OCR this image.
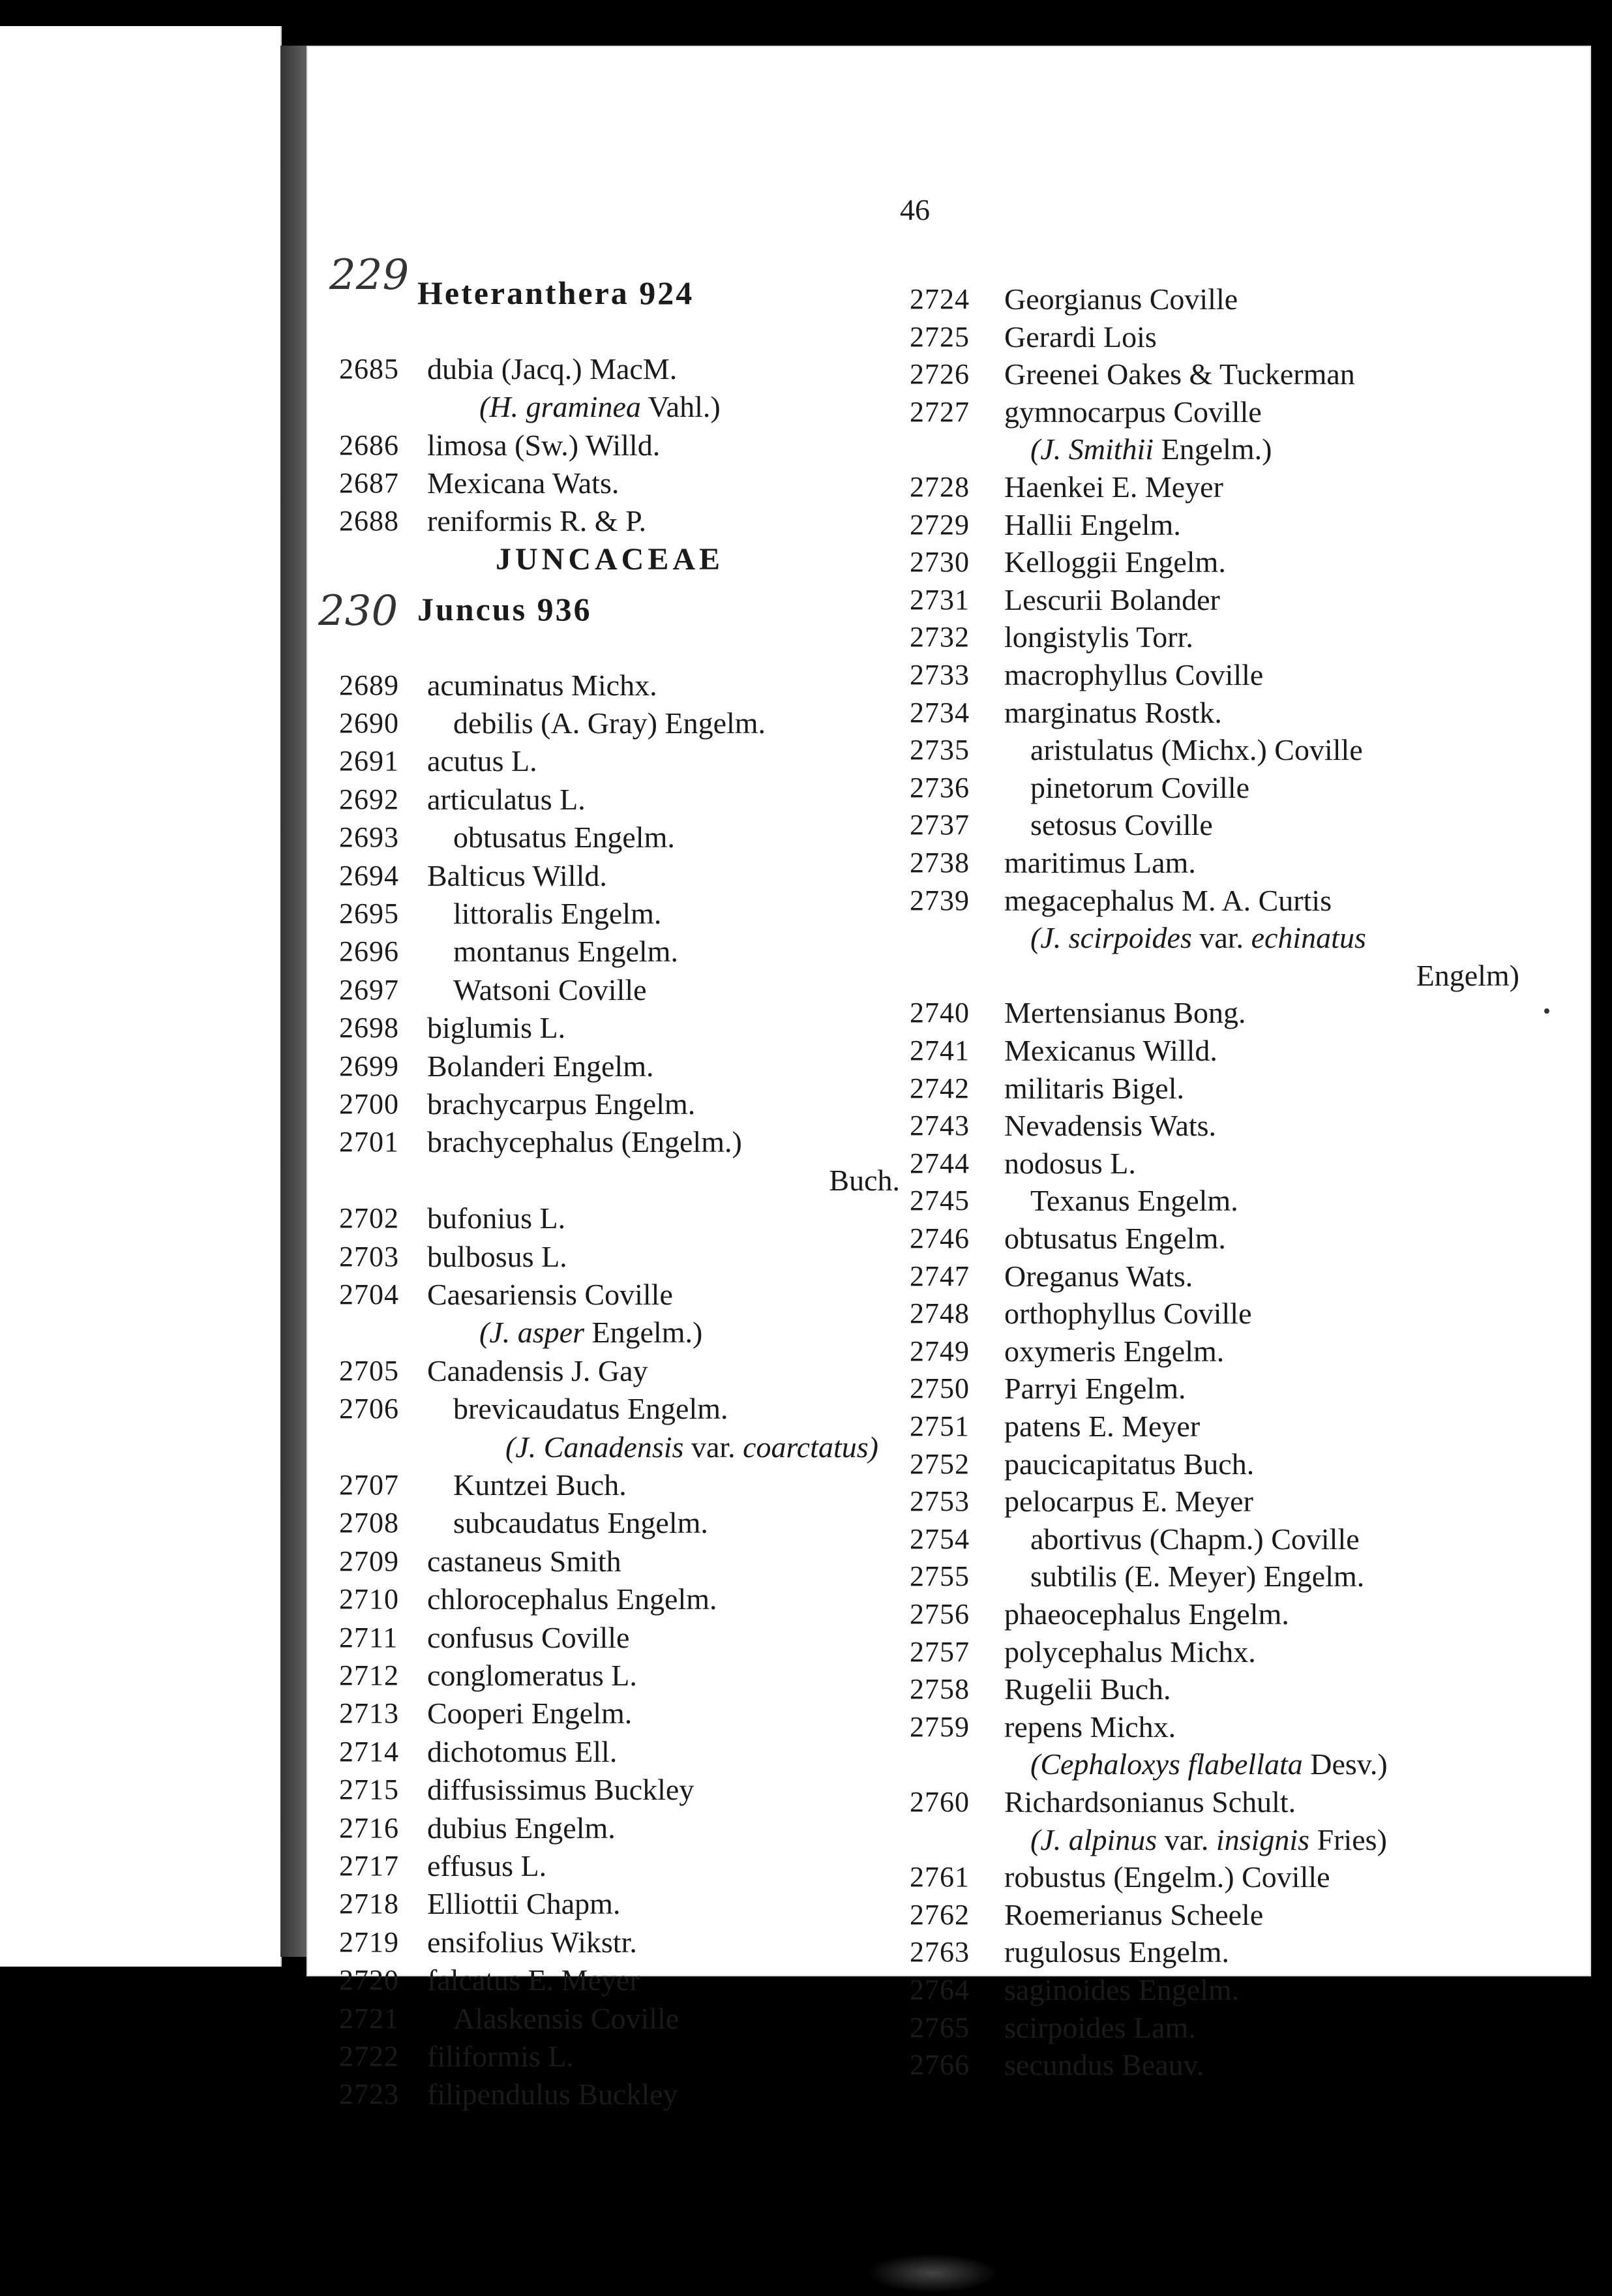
46
229
230
Heteranthera 924
2685 dubia (Jacq.) MacM.
(H. graminea Vahl.)
2686 limosa (Sw.) Willd.
2687 Mexicana Wats.
2688 reniformis R. & P.
JUNCACEAE
Juncus 936
2689 acuminatus Michx.
2690 debilis (A. Gray) Engelm.
2691 acutus L.
2692 articulatus L.
2693 obtusatus Engelm.
2694 Balticus Willd.
2695 littoralis Engelm.
2696 montanus Engelm.
2697 Watsoni Coville
2698 biglumis L.
2699 Bolanderi Engelm.
2700 brachycarpus Engelm.
2701 brachycephalus (Engelm.)
Buch.
2702 bufonius L.
2703 bulbosus L.
2704 Caesariensis Coville
(J. asper Engelm.)
2705 Canadensis J. Gay
2706 brevicaudatus Engelm.
(J. Canadensis var. coarctatus)
2707 Kuntzei Buch.
2708 subcaudatus Engelm.
2709 castaneus Smith
2710 chlorocephalus Engelm.
2711 confusus Coville
2712 conglomeratus L.
2713 Cooperi Engelm.
2714 dichotomus Ell.
2715 diffusissimus Buckley
2716 dubius Engelm.
2717 effusus L.
2718 Elliottii Chapm.
2719 ensifolius Wikstr.
2720 falcatus E. Meyer
2721 Alaskensis Coville
2722 filiformis L.
2723 filipendulus Buckley
2724 Georgianus Coville
2725 Gerardi Lois
2726 Greenei Oakes & Tuckerman
2727 gymnocarpus Coville
(J. Smithii Engelm.)
2728 Haenkei E. Meyer
2729 Hallii Engelm.
2730 Kelloggii Engelm.
2731 Lescurii Bolander
2732 longistylis Torr.
2733 macrophyllus Coville
2734 marginatus Rostk.
2735 aristulatus (Michx.) Coville
2736 pinetorum Coville
2737 setosus Coville
2738 maritimus Lam.
2739 megacephalus M. A. Curtis
(J. scirpoides var. echinatus
Engelm)
2740 Mertensianus Bong.
2741 Mexicanus Willd.
2742 militaris Bigel.
2743 Nevadensis Wats.
2744 nodosus L.
2745 Texanus Engelm.
2746 obtusatus Engelm.
2747 Oreganus Wats.
2748 orthophyllus Coville
2749 oxymeris Engelm.
2750 Parryi Engelm.
2751 patens E. Meyer
2752 paucicapitatus Buch.
2753 pelocarpus E. Meyer
2754 abortivus (Chapm.) Coville
2755 subtilis (E. Meyer) Engelm.
2756 phaeocephalus Engelm.
2757 polycephalus Michx.
2758 Rugelii Buch.
2759 repens Michx.
(Cephaloxys flabellata Desv.)
2760 Richardsonianus Schult.
(J. alpinus var. insignis Fries)
2761 robustus (Engelm.) Coville
2762 Roemerianus Scheele
2763 rugulosus Engelm.
2764 saginoides Engelm.
2765 scirpoides Lam.
2766 secundus Beauv.
